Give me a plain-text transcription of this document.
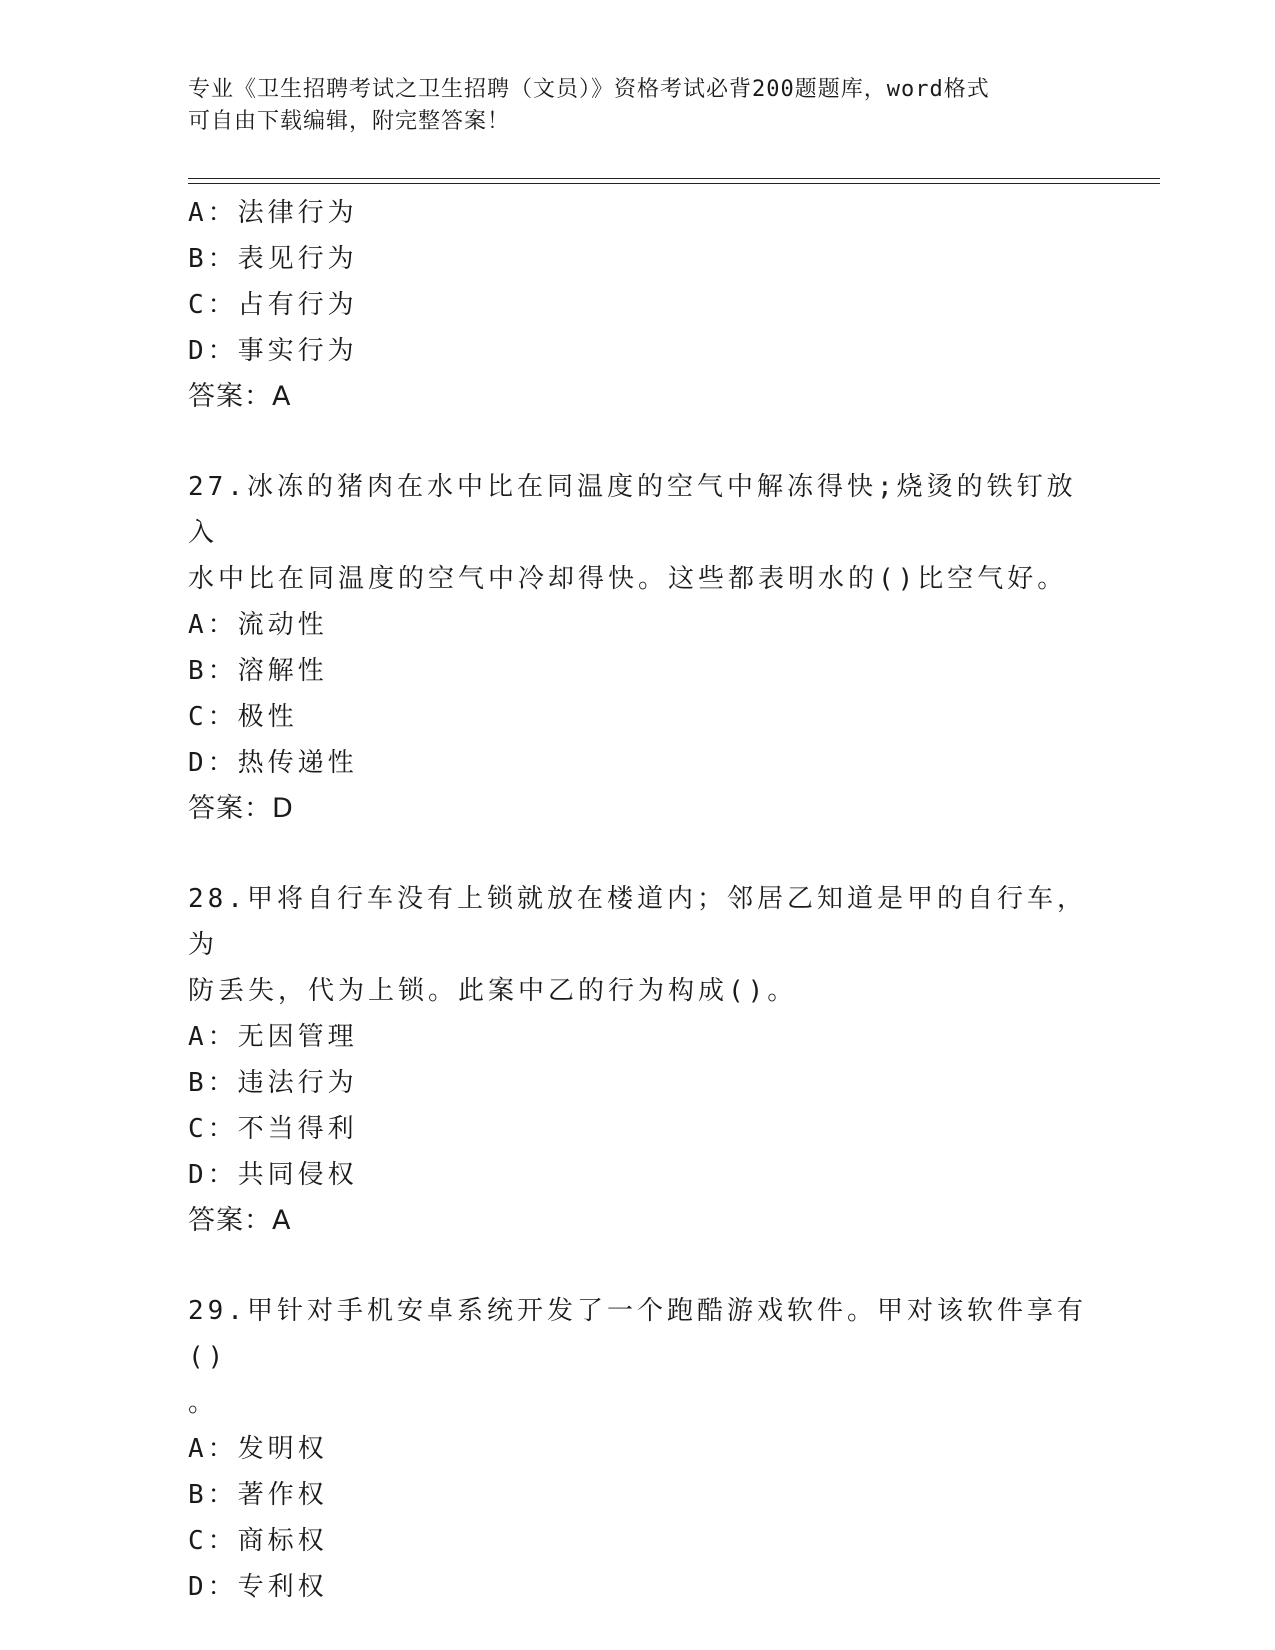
专业《卫生招聘考试之卫生招聘（文员）》资格考试必背200题题库，word格式
可自由下载编辑，附完整答案！
A：法律行为
B：表见行为
C：占有行为
D：事实行为
答案：A
27.冰冻的猪肉在水中比在同温度的空气中解冻得快;烧烫的铁钉放入
水中比在同温度的空气中冷却得快。这些都表明水的()比空气好。
A：流动性
B：溶解性
C：极性
D：热传递性
答案：D
28.甲将自行车没有上锁就放在楼道内；邻居乙知道是甲的自行车，为
防丢失，代为上锁。此案中乙的行为构成()。
A：无因管理
B：违法行为
C：不当得利
D：共同侵权
答案：A
29.甲针对手机安卓系统开发了一个跑酷游戏软件。甲对该软件享有()
。
A：发明权
B：著作权
C：商标权
D：专利权
